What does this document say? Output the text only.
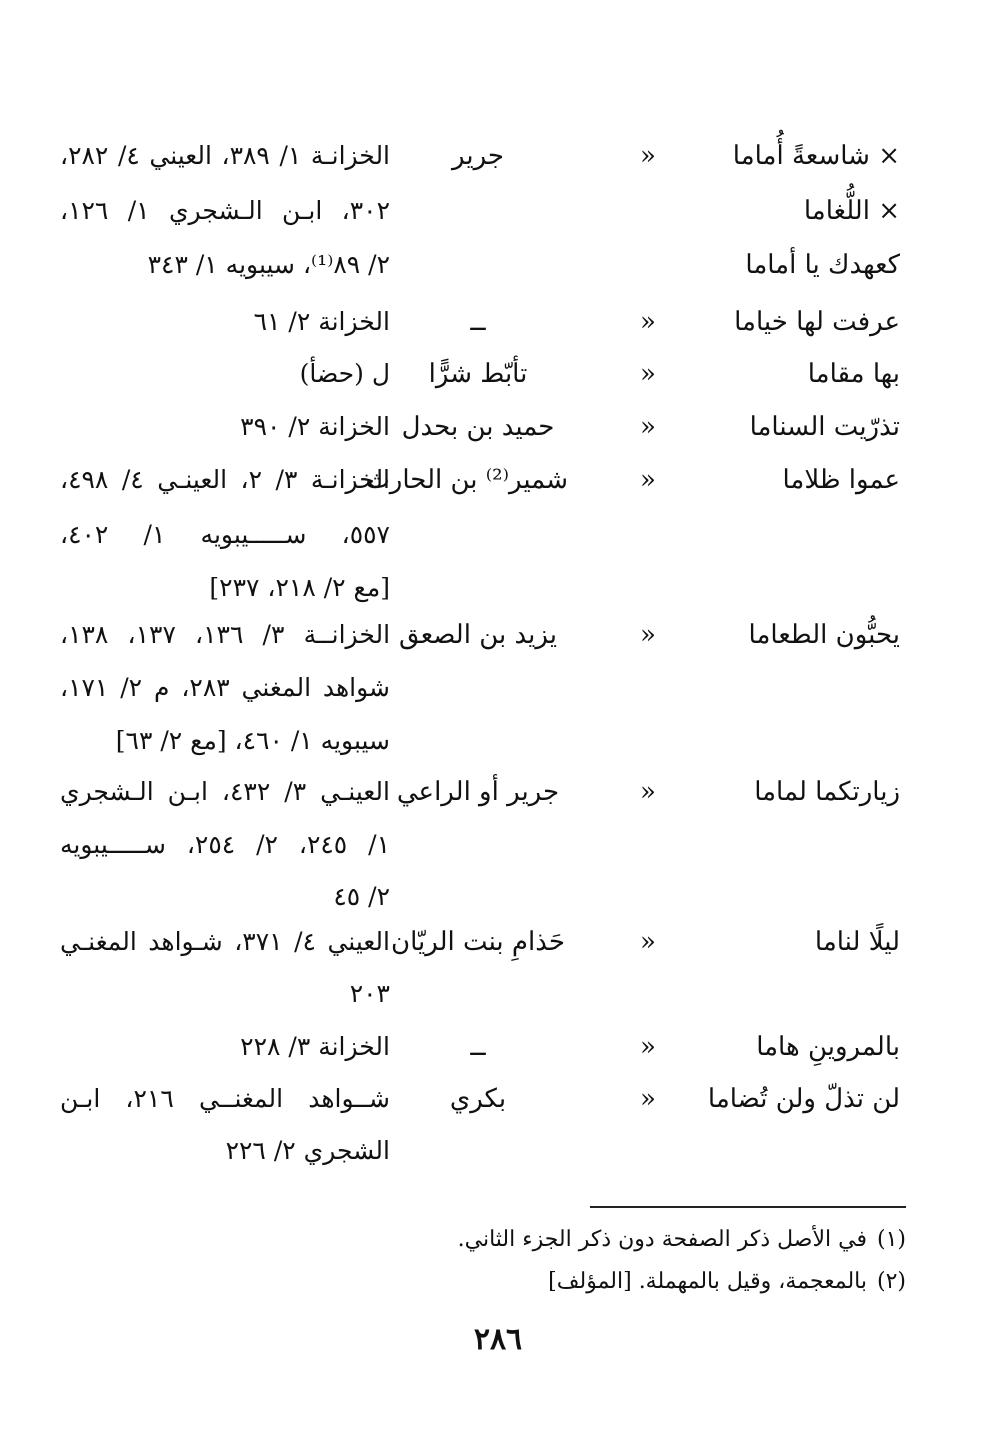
× شاسعةً أُماما
«
جرير
الخزانـة ١/ ٣٨٩، العيني ٤/ ٢٨٢،
× اللُّغاما
٣٠٢، ابـن الـشجري ١/ ١٢٦،
كعهدك يا أماما
٢/ ٨٩⁽¹⁾، سيبويه ١/ ٣٤٣
عرفت لها خياما
«
ــ
الخزانة ٢/ ٦١
بها مقاما
«
تأبّط شرًّا
ل (حضأ)
تذرّيت السناما
«
حميد بن بحدل
الخزانة ٢/ ٣٩٠
عموا ظلاما
«
شمير⁽²⁾ بن الحارث
الخزانـة ٣/ ٢، العينـي ٤/ ٤٩٨،
٥٥٧، ســـــيبويه ١/ ٤٠٢،
[مع ٢/ ٢١٨، ٢٣٧]
يحبُّون الطعاما
«
يزيد بن الصعق
الخزانــة ٣/ ١٣٦، ١٣٧، ١٣٨،
شواهد المغني ٢٨٣، م ٢/ ١٧١،
سيبويه ١/ ٤٦٠، [مع ٢/ ٦٣]
زيارتكما لماما
«
جرير أو الراعي
العينـي ٣/ ٤٣٢، ابـن الـشجري
١/ ٢٤٥، ٢/ ٢٥٤، ســـــيبويه
٢/ ٤٥
ليلًا لناما
«
حَذامِ بنت الريّان
العيني ٤/ ٣٧١، شـواهد المغنـي
٢٠٣
بالمروينِ هاما
«
ــ
الخزانة ٣/ ٢٢٨
لن تذلّ ولن تُضاما
«
بكري
شــواهد المغنــي ٢١٦، ابـن
الشجري ٢/ ٢٢٦
(١)في الأصل ذكر الصفحة دون ذكر الجزء الثاني.
(٢)بالمعجمة، وقيل بالمهملة. [المؤلف]
٢٨٦
